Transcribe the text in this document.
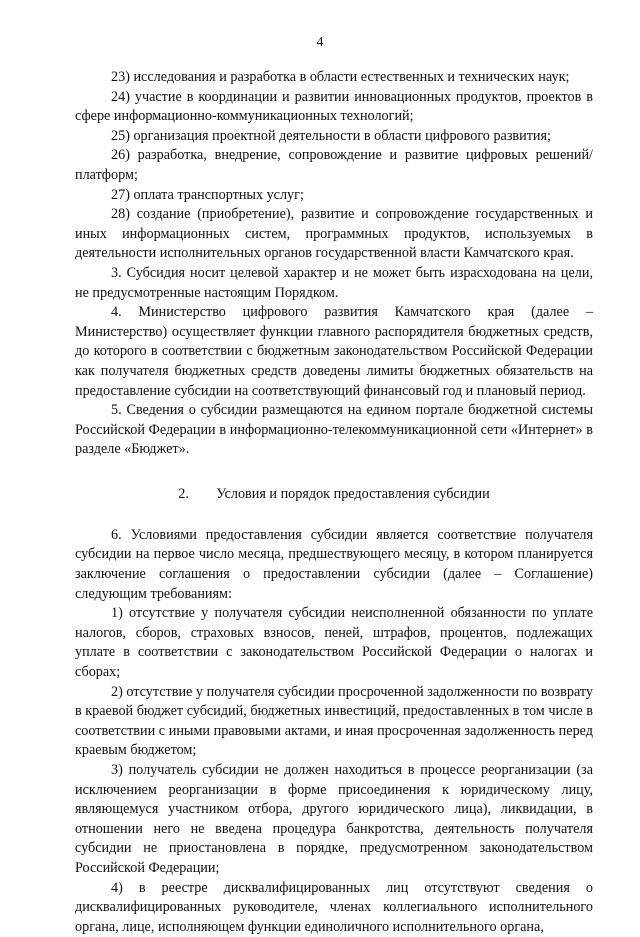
4

23) исследования и разработка в области естественных и технических наук;

24) участие в координации и развитии инновационных продуктов, проектов в сфере информационно-коммуникационных технологий;

25) организация проектной деятельности в области цифрового развития;

26) разработка, внедрение, сопровождение и развитие цифровых решений/платформ;

27) оплата транспортных услуг;

28) создание (приобретение), развитие и сопровождение государственных и иных информационных систем, программных продуктов, используемых в деятельности исполнительных органов государственной власти Камчатского края.

3. Субсидия носит целевой характер и не может быть израсходована на цели, не предусмотренные настоящим Порядком.

4. Министерство цифрового развития Камчатского края (далее – Министерство) осуществляет функции главного распорядителя бюджетных средств, до которого в соответствии с бюджетным законодательством Российской Федерации как получателя бюджетных средств доведены лимиты бюджетных обязательств на предоставление субсидии на соответствующий финансовый год и плановый период.

5. Сведения о субсидии размещаются на едином портале бюджетной системы Российской Федерации в информационно-телекоммуникационной сети «Интернет» в разделе «Бюджет».

2. Условия и порядок предоставления субсидии

6. Условиями предоставления субсидии является соответствие получателя субсидии на первое число месяца, предшествующего месяцу, в котором планируется заключение соглашения о предоставлении субсидии (далее – Соглашение) следующим требованиям:

1) отсутствие у получателя субсидии неисполненной обязанности по уплате налогов, сборов, страховых взносов, пеней, штрафов, процентов, подлежащих уплате в соответствии с законодательством Российской Федерации о налогах и сборах;

2) отсутствие у получателя субсидии просроченной задолженности по возврату в краевой бюджет субсидий, бюджетных инвестиций, предоставленных в том числе в соответствии с иными правовыми актами, и иная просроченная задолженность перед краевым бюджетом;

3) получатель субсидии не должен находиться в процессе реорганизации (за исключением реорганизации в форме присоединения к юридическому лицу, являющемуся участником отбора, другого юридического лица), ликвидации, в отношении него не введена процедура банкротства, деятельность получателя субсидии не приостановлена в порядке, предусмотренном законодательством Российской Федерации;

4) в реестре дисквалифицированных лиц отсутствуют сведения о дисквалифицированных руководителе, членах коллегиального исполнительного органа, лице, исполняющем функции единоличного исполнительного органа,
